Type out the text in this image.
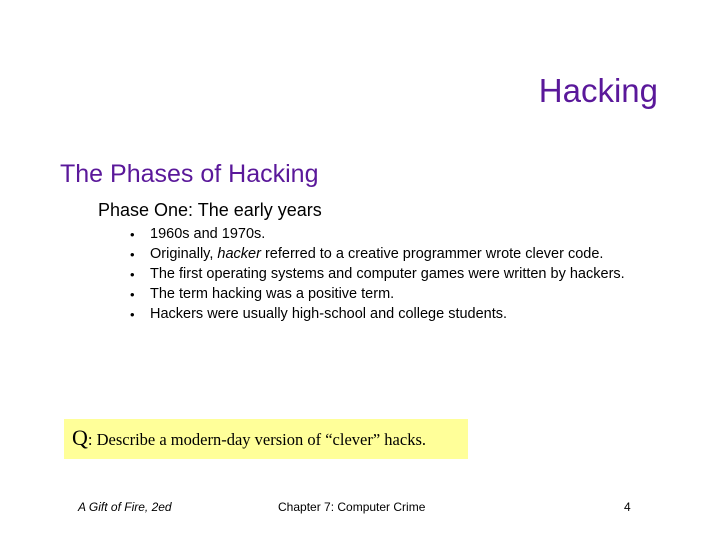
Hacking
The Phases of Hacking
Phase One: The early years
• 1960s and 1970s.
• Originally, hacker referred to a creative programmer wrote clever code.
• The first operating systems and computer games were written by hackers.
• The term hacking was a positive term.
• Hackers were usually high-school and college students.
Q: Describe a modern-day version of “clever” hacks.
A Gift of Fire, 2ed	Chapter 7: Computer Crime	4
